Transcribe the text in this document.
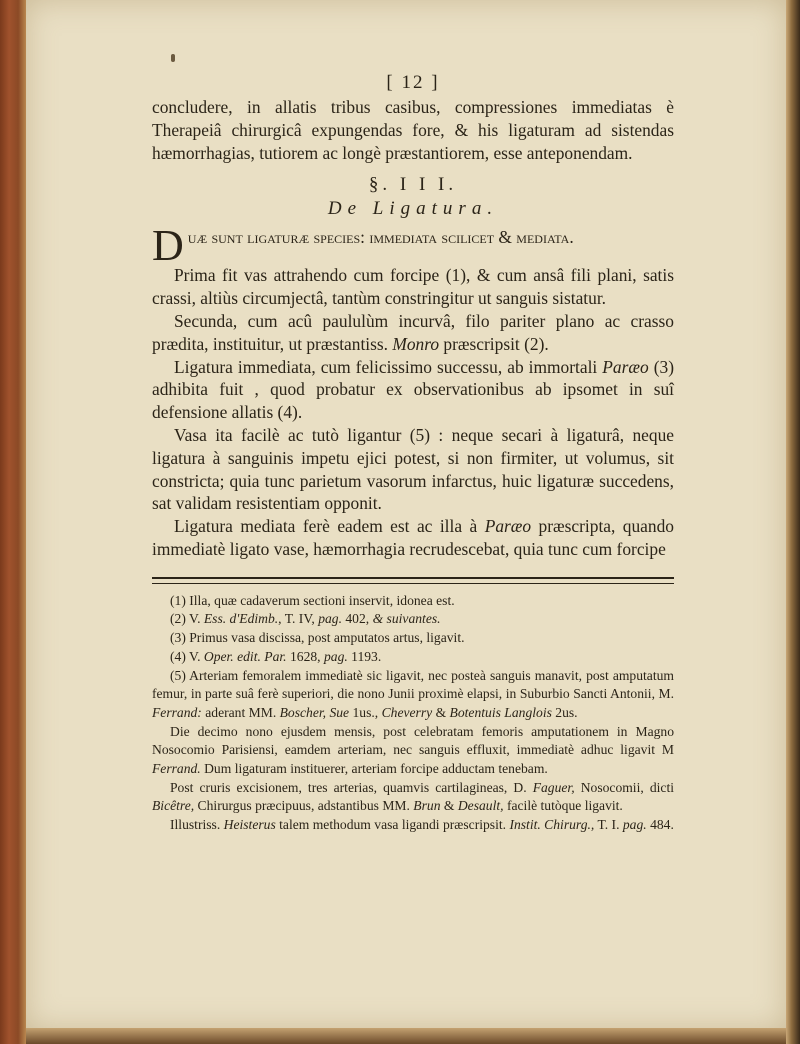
[ 12 ]

concludere, in allatis tribus casibus, compressiones immediatas è Therapeiâ chirurgicâ expungendas fore, & his ligaturam ad sistendas hæmorrhagias, tutiorem ac longè præstantiorem, esse anteponendam.

§. I I I.
De Ligatura.

Duæ sunt ligaturæ species: immediata scilicet & mediata.

Prima fit vas attrahendo cum forcipe (1), & cum ansâ fili plani, satis crassi, altiùs circumjectâ, tantùm constringitur ut sanguis sistatur.

Secunda, cum acû paululùm incurvâ, filo pariter plano ac crasso prædita, instituitur, ut præstantiss. Monro præscripsit (2).

Ligatura immediata, cum felicissimo successu, ab immortali Paræo (3) adhibita fuit , quod probatur ex observationibus ab ipsomet in suî defensione allatis (4).

Vasa ita facilè ac tutò ligantur (5) : neque secari à ligaturâ, neque ligatura à sanguinis impetu ejici potest, si non firmiter, ut volumus, sit constricta; quia tunc parietum vasorum infarctus, huic ligaturæ succedens, sat validam resistentiam opponit.

Ligatura mediata ferè eadem est ac illa à Paræo præscripta, quando immediatè ligato vase, hæmorrhagia recrudescebat, quia tunc cum forcipe

(1) Illa, quæ cadaverum sectioni inservit, idonea est.

(2) V. Ess. d'Edimb., T. IV, pag. 402, & suivantes.

(3) Primus vasa discissa, post amputatos artus, ligavit.

(4) V. Oper. edit. Par. 1628, pag. 1193.

(5) Arteriam femoralem immediatè sic ligavit, nec posteà sanguis manavit, post amputatum femur, in parte suâ ferè superiori, die nono Junii proximè elapsi, in Suburbio Sancti Antonii, M. Ferrand: aderant MM. Boscher, Sue 1us., Cheverry & Botentuis Langlois 2us.

Die decimo nono ejusdem mensis, post celebratam femoris amputationem in Magno Nosocomio Parisiensi, eamdem arteriam, nec sanguis effluxit, immediatè adhuc ligavit M Ferrand. Dum ligaturam instituerer, arteriam forcipe adductam tenebam.

Post cruris excisionem, tres arterias, quamvis cartilagineas, D. Faguer, Nosocomii, dicti Bicêtre, Chirurgus præcipuus, adstantibus MM. Brun & Desault, facilè tutòque ligavit.

Illustriss. Heisterus talem methodum vasa ligandi præscripsit. Instit. Chirurg., T. I. pag. 484.
